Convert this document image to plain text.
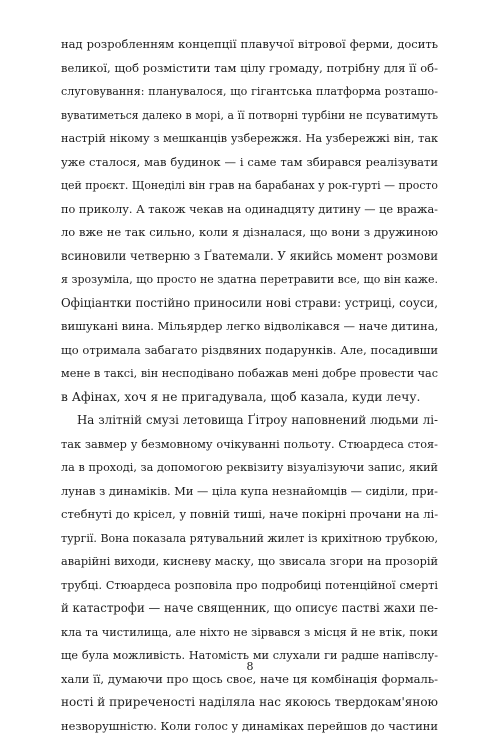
над розробленням концепції плавучої вітрової ферми, досить
великої, щоб розмістити там цілу громаду, потрібну для її об-
слуговування: планувалося, що гігантська платформа розташо-
вуватиметься далеко в морі, а її потворні турбіни не псуватимуть
настрій нікому з мешканців узбережжя. На узбережжі він, так
уже сталося, мав будинок — і саме там збирався реалізувати
цей проєкт. Щонеділі він грав на барабанах у рок-гурті — просто
по приколу. А також чекав на одинадцяту дитину — це вража-
ло вже не так сильно, коли я дізналася, що вони з дружиною
всиновили четверню з Ґватемали. У якийсь момент розмови
я зрозуміла, що просто не здатна перетравити все, що він каже.
Офіціантки постійно приносили нові страви: устриці, соуси,
вишукані вина. Мільярдер легко відволікався — наче дитина,
що отримала забагато різдвяних подарунків. Але, посадивши
мене в таксі, він несподівано побажав мені добре провести час
в Афінах, хоч я не пригадувала, щоб казала, куди лечу.
На злітній смузі летовища Ґітроу наповнений людьми лі-
так завмер у безмовному очікуванні польоту. Стюардеса стоя-
ла в проході, за допомогою реквізиту візуалізуючи запис, який
лунав з динаміків. Ми — ціла купа незнайомців — сиділи, при-
стебнуті до крісел, у повній тиші, наче покірні прочани на лі-
тургії. Вона показала рятувальний жилет із крихітною трубкою,
аварійні виходи, кисневу маску, що звисала згори на прозорій
трубці. Стюардеса розповіла про подробиці потенційної смерті
й катастрофи — наче священник, що описує пастві жахи пе-
кла та чистилища, але ніхто не зірвався з місця й не втік, поки
ще була можливість. Натомість ми слухали ги радше напівслу-
хали її, думаючи про щось своє, наче ця комбінація формаль-
ності й приреченості наділяла нас якоюсь твердокам'яною
незворушністю. Коли голос у динаміках перейшов до частини
8
